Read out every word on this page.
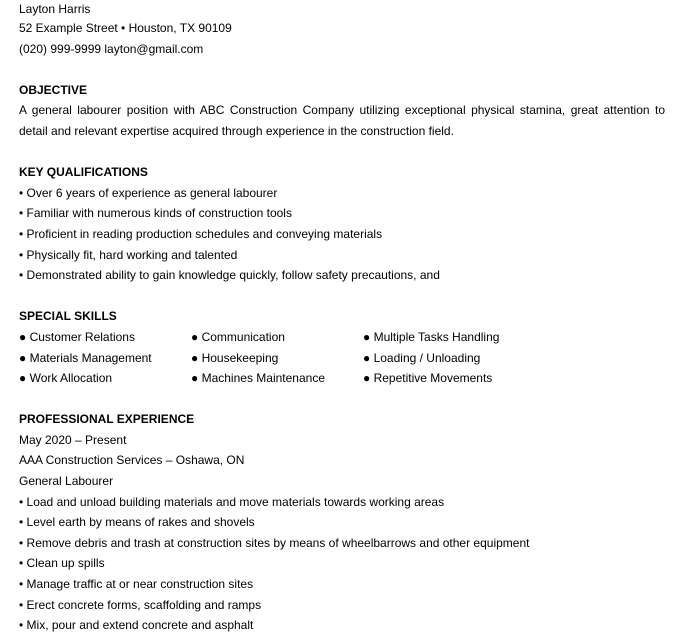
Layton Harris
52 Example Street • Houston, TX 90109
(020) 999-9999 layton@gmail.com
OBJECTIVE

A general labourer position with ABC Construction Company utilizing exceptional physical stamina, great attention to detail and relevant expertise acquired through experience in the construction field.

KEY QUALIFICATIONS
• Over 6 years of experience as general labourer
• Familiar with numerous kinds of construction tools
• Proficient in reading production schedules and conveying materials
• Physically fit, hard working and talented
• Demonstrated ability to gain knowledge quickly, follow safety precautions, and
SPECIAL SKILLS
● Customer Relations	● Communication	● Multiple Tasks Handling
● Materials Management	● Housekeeping	● Loading / Unloading
● Work Allocation	● Machines Maintenance	● Repetitive Movements
PROFESSIONAL EXPERIENCE
May 2020 – Present
AAA Construction Services – Oshawa, ON
General Labourer
• Load and unload building materials and move materials towards working areas
• Level earth by means of rakes and shovels
• Remove debris and trash at construction sites by means of wheelbarrows and other equipment
• Clean up spills
• Manage traffic at or near construction sites
• Erect concrete forms, scaffolding and ramps
• Mix, pour and extend concrete and asphalt
